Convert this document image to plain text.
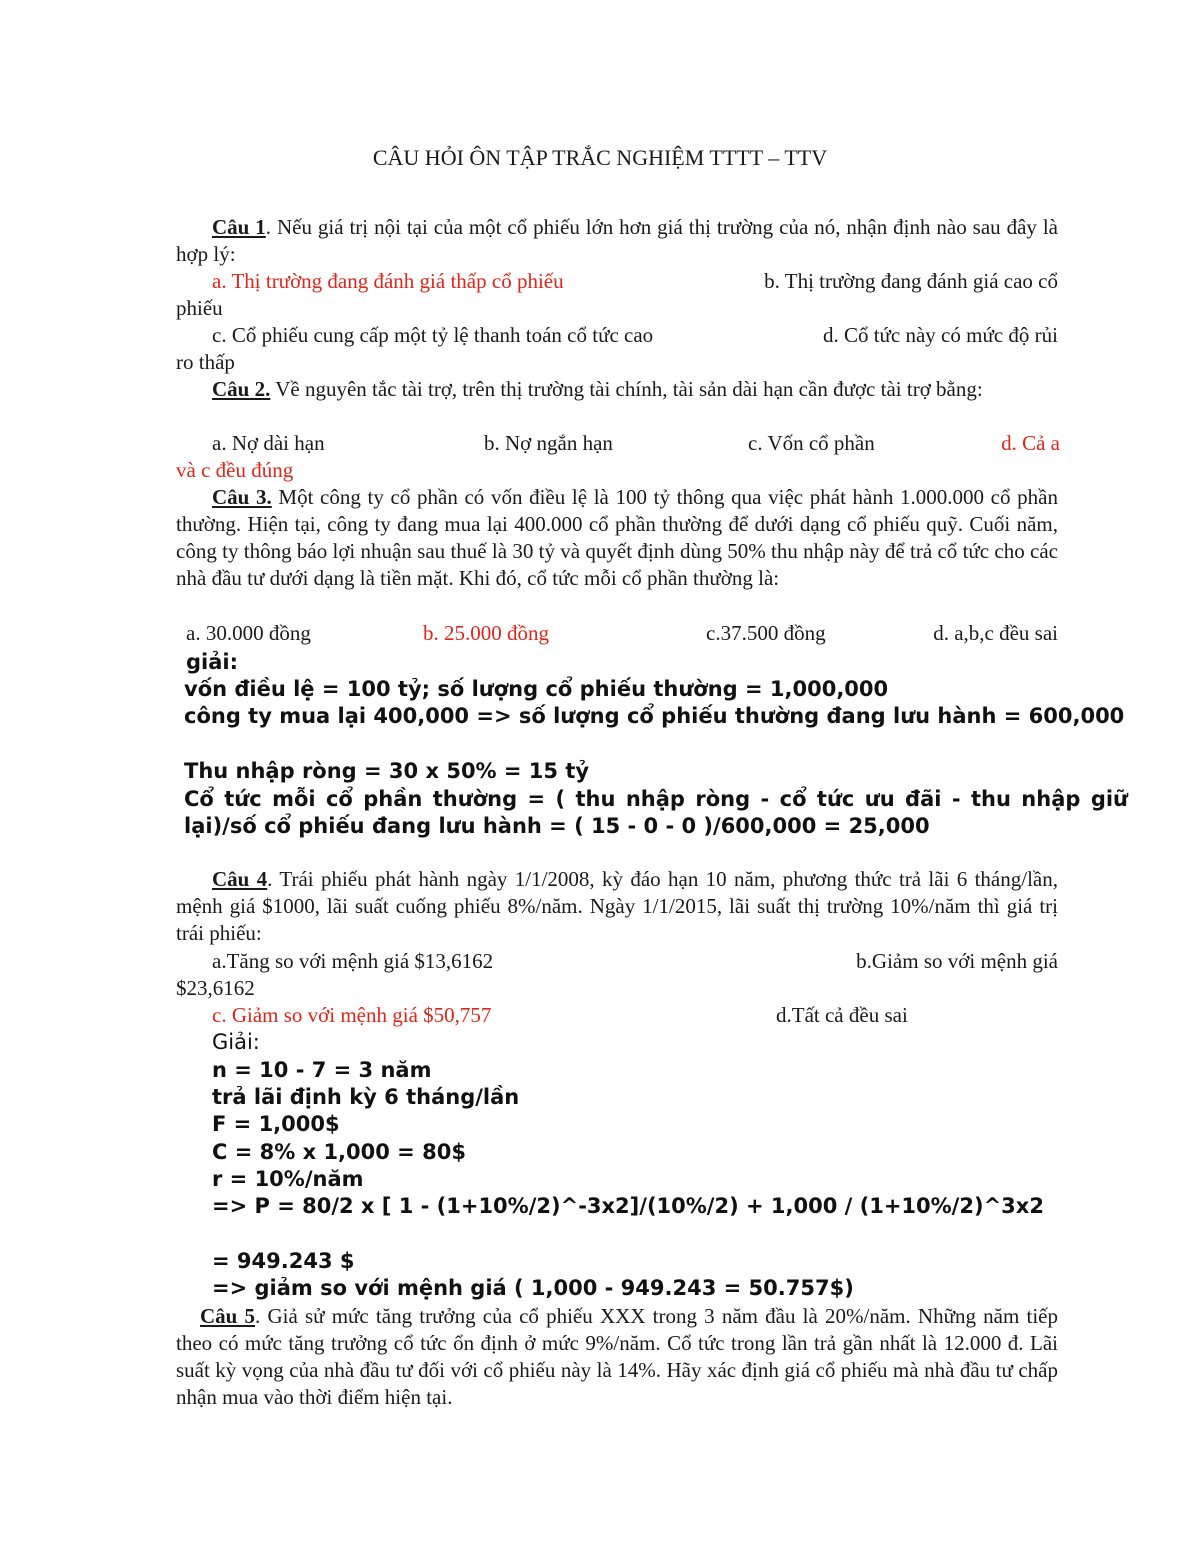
CÂU HỎI ÔN TẬP TRẮC NGHIỆM TTTT – TTV
Câu 1. Nếu giá trị nội tại của một cổ phiếu lớn hơn giá thị trường của nó, nhận định nào sau đây là hợp lý:
a. Thị trường đang đánh giá thấp cổ phiếu	b. Thị trường đang đánh giá cao cổ
phiếu
c. Cổ phiếu cung cấp một tỷ lệ thanh toán cổ tức cao	d. Cổ tức này có mức độ rủi
ro thấp
Câu 2. Về nguyên tắc tài trợ, trên thị trường tài chính, tài sản dài hạn cần được tài trợ bằng:
a. Nợ dài hạn	b. Nợ ngắn hạn	c. Vốn cổ phần	d. Cả a
và c đều đúng
Câu 3. Một công ty cổ phần có vốn điều lệ là 100 tỷ thông qua việc phát hành 1.000.000 cổ phần thường. Hiện tại, công ty đang mua lại 400.000 cổ phần thường để dưới dạng cổ phiếu quỹ. Cuối năm, công ty thông báo lợi nhuận sau thuế là 30 tỷ và quyết định dùng 50% thu nhập này để trả cổ tức cho các nhà đầu tư dưới dạng là tiền mặt. Khi đó, cổ tức mỗi cổ phần thường là:
a. 30.000 đồng	b. 25.000 đồng	c.37.500 đồng	d. a,b,c đều sai
giải:
vốn điều lệ = 100 tỷ; số lượng cổ phiếu thường = 1,000,000
công ty mua lại 400,000 => số lượng cổ phiếu thường đang lưu hành = 600,000
Thu nhập ròng = 30 x 50% = 15 tỷ
Cổ tức mỗi cổ phần thường = ( thu nhập ròng - cổ tức ưu đãi - thu nhập giữ lại)/số cổ phiếu đang lưu hành = ( 15 - 0 - 0 )/600,000 = 25,000
Câu 4. Trái phiếu phát hành ngày 1/1/2008, kỳ đáo hạn 10 năm, phương thức trả lãi 6 tháng/lần, mệnh giá $1000, lãi suất cuống phiếu 8%/năm. Ngày 1/1/2015, lãi suất thị trường 10%/năm thì giá trị trái phiếu:
a.Tăng so với mệnh giá $13,6162	b.Giảm so với mệnh giá
$23,6162
c. Giảm so với mệnh giá $50,757	d.Tất cả đều sai
Giải:
n = 10 - 7 = 3 năm
trả lãi định kỳ 6 tháng/lần
F = 1,000$
C = 8% x 1,000 = 80$
r = 10%/năm
=> P = 80/2 x [ 1 - (1+10%/2)^-3x2]/(10%/2) + 1,000 / (1+10%/2)^3x2
= 949.243 $
=> giảm so với mệnh giá ( 1,000 - 949.243 = 50.757$)
Câu 5. Giả sử mức tăng trưởng của cổ phiếu XXX trong 3 năm đầu là 20%/năm. Những năm tiếp theo có mức tăng trưởng cổ tức ổn định ở mức 9%/năm. Cổ tức trong lần trả gần nhất là 12.000 đ. Lãi suất kỳ vọng của nhà đầu tư đối với cổ phiếu này là 14%. Hãy xác định giá cổ phiếu mà nhà đầu tư chấp nhận mua vào thời điểm hiện tại.
